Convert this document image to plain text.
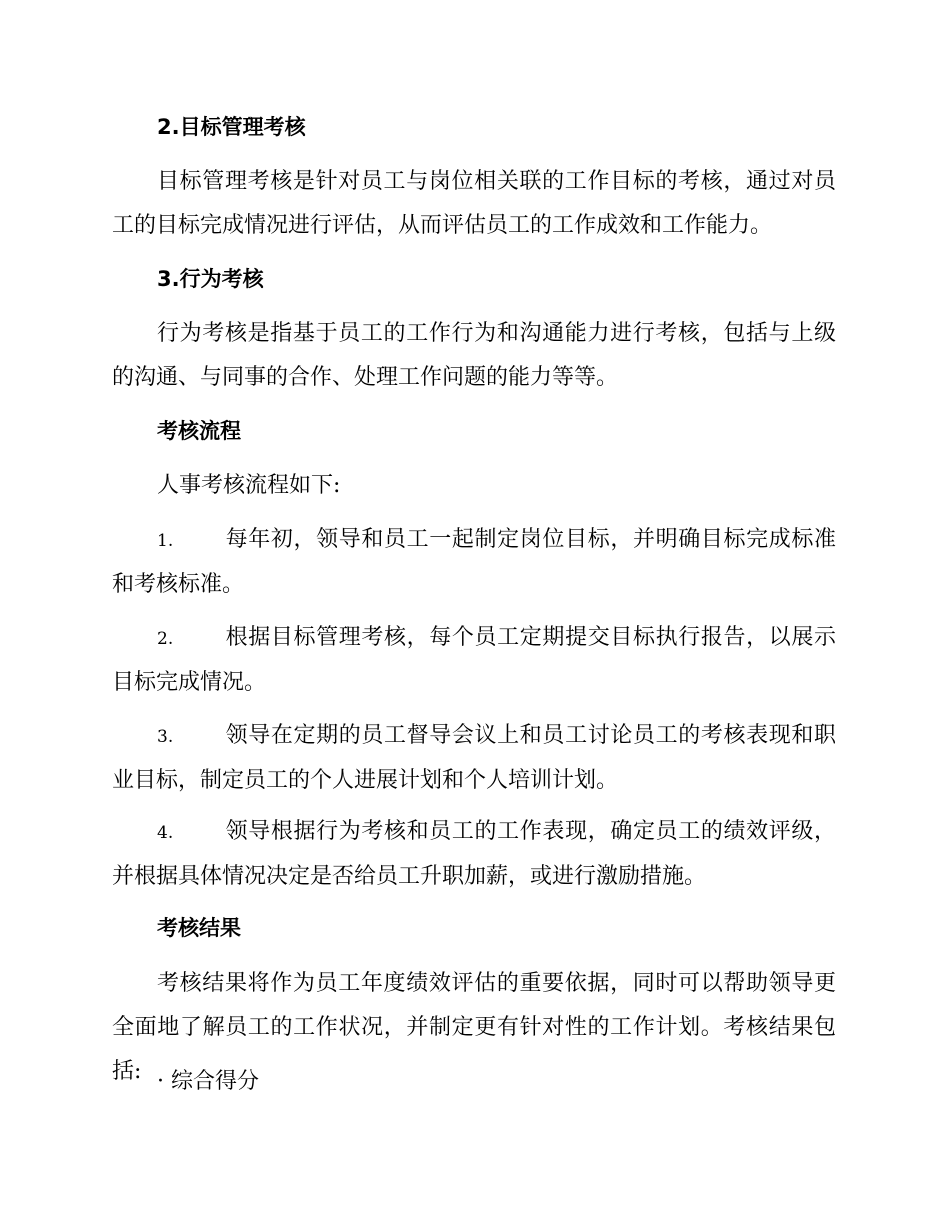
2.目标管理考核

目标管理考核是针对员工与岗位相关联的工作目标的考核，通过对员工的目标完成情况进行评估，从而评估员工的工作成效和工作能力。

3.行为考核

行为考核是指基于员工的工作行为和沟通能力进行考核，包括与上级的沟通、与同事的合作、处理工作问题的能力等等。

考核流程

人事考核流程如下:

1. 每年初，领导和员工一起制定岗位目标，并明确目标完成标准和考核标准。

2. 根据目标管理考核，每个员工定期提交目标执行报告，以展示目标完成情况。

3. 领导在定期的员工督导会议上和员工讨论员工的考核表现和职业目标，制定员工的个人进展计划和个人培训计划。

4. 领导根据行为考核和员工的工作表现，确定员工的绩效评级，并根据具体情况决定是否给员工升职加薪，或进行激励措施。

考核结果

考核结果将作为员工年度绩效评估的重要依据，同时可以帮助领导更全面地了解员工的工作状况，并制定更有针对性的工作计划。考核结果包括: · 综合得分
